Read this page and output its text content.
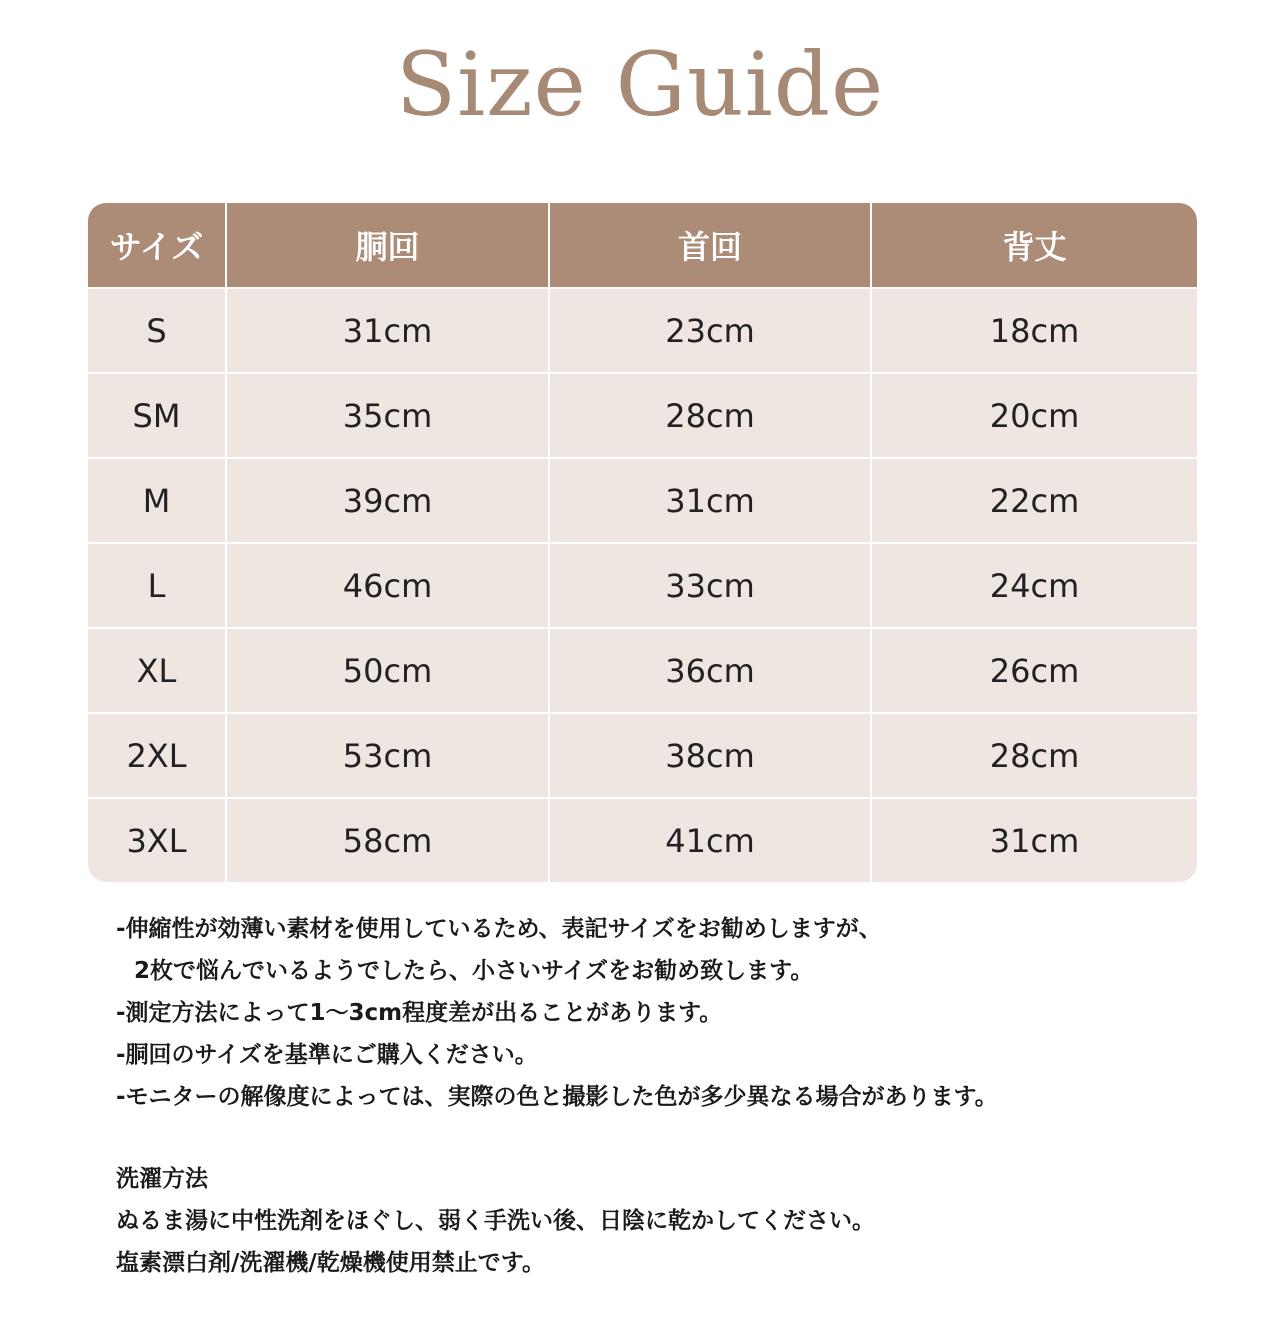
Size Guide
サイズ	胴回	首回	背丈
S	31cm	23cm	18cm
SM	35cm	28cm	20cm
M	39cm	31cm	22cm
L	46cm	33cm	24cm
XL	50cm	36cm	26cm
2XL	53cm	38cm	28cm
3XL	58cm	41cm	31cm
-伸縮性が効薄い素材を使用しているため、表記サイズをお勧めしますが、
2枚で悩んでいるようでしたら、小さいサイズをお勧め致します。
-測定方法によって1～3cm程度差が出ることがあります。
-胴回のサイズを基準にご購入ください。
-モニターの解像度によっては、実際の色と撮影した色が多少異なる場合があります。
洗濯方法
ぬるま湯に中性洗剤をほぐし、弱く手洗い後、日陰に乾かしてください。
塩素漂白剤/洗濯機/乾燥機使用禁止です。
